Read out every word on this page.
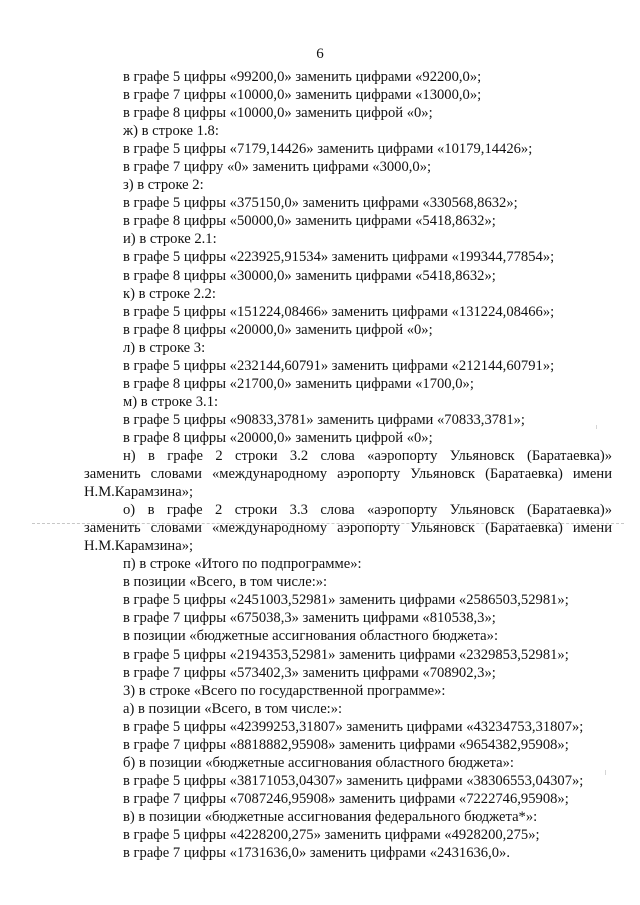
6

в графе 5 цифры «99200,0» заменить цифрами «92200,0»;

в графе 7 цифры «10000,0» заменить цифрами «13000,0»;

в графе 8 цифры «10000,0» заменить цифрой «0»;

ж) в строке 1.8:

в графе 5 цифры «7179,14426» заменить цифрами «10179,14426»;

в графе 7 цифру «0» заменить цифрами «3000,0»;

з) в строке 2:

в графе 5 цифры «375150,0» заменить цифрами «330568,8632»;

в графе 8 цифры «50000,0» заменить цифрами «5418,8632»;

и) в строке 2.1:

в графе 5 цифры «223925,91534» заменить цифрами «199344,77854»;

в графе 8 цифры «30000,0» заменить цифрами «5418,8632»;

к) в строке 2.2:

в графе 5 цифры «151224,08466» заменить цифрами «131224,08466»;

в графе 8 цифры «20000,0» заменить цифрой «0»;

л) в строке 3:

в графе 5 цифры «232144,60791» заменить цифрами «212144,60791»;

в графе 8 цифры «21700,0» заменить цифрами «1700,0»;

м) в строке 3.1:

в графе 5 цифры «90833,3781» заменить цифрами «70833,3781»;

в графе 8 цифры «20000,0» заменить цифрой «0»;

н) в графе 2 строки 3.2 слова «аэропорту Ульяновск (Баратаевка)»

заменить словами «международному аэропорту Ульяновск (Баратаевка) имени

Н.М.Карамзина»;

о) в графе 2 строки 3.3 слова «аэропорту Ульяновск (Баратаевка)»

заменить словами «международному аэропорту Ульяновск (Баратаевка) имени

Н.М.Карамзина»;

п) в строке «Итого по подпрограмме»:

в позиции «Всего, в том числе:»:

в графе 5 цифры «2451003,52981» заменить цифрами «2586503,52981»;

в графе 7 цифры «675038,3» заменить цифрами «810538,3»;

в позиции «бюджетные ассигнования областного бюджета»:

в графе 5 цифры «2194353,52981» заменить цифрами «2329853,52981»;

в графе 7 цифры «573402,3» заменить цифрами «708902,3»;

3) в строке «Всего по государственной программе»:

а) в позиции «Всего, в том числе:»:

в графе 5 цифры «42399253,31807» заменить цифрами «43234753,31807»;

в графе 7 цифры «8818882,95908» заменить цифрами «9654382,95908»;

б) в позиции «бюджетные ассигнования областного бюджета»:

в графе 5 цифры «38171053,04307» заменить цифрами «38306553,04307»;

в графе 7 цифры «7087246,95908» заменить цифрами «7222746,95908»;

в) в позиции «бюджетные ассигнования федерального бюджета*»:

в графе 5 цифры «4228200,275» заменить цифрами «4928200,275»;

в графе 7 цифры «1731636,0» заменить цифрами «2431636,0».
